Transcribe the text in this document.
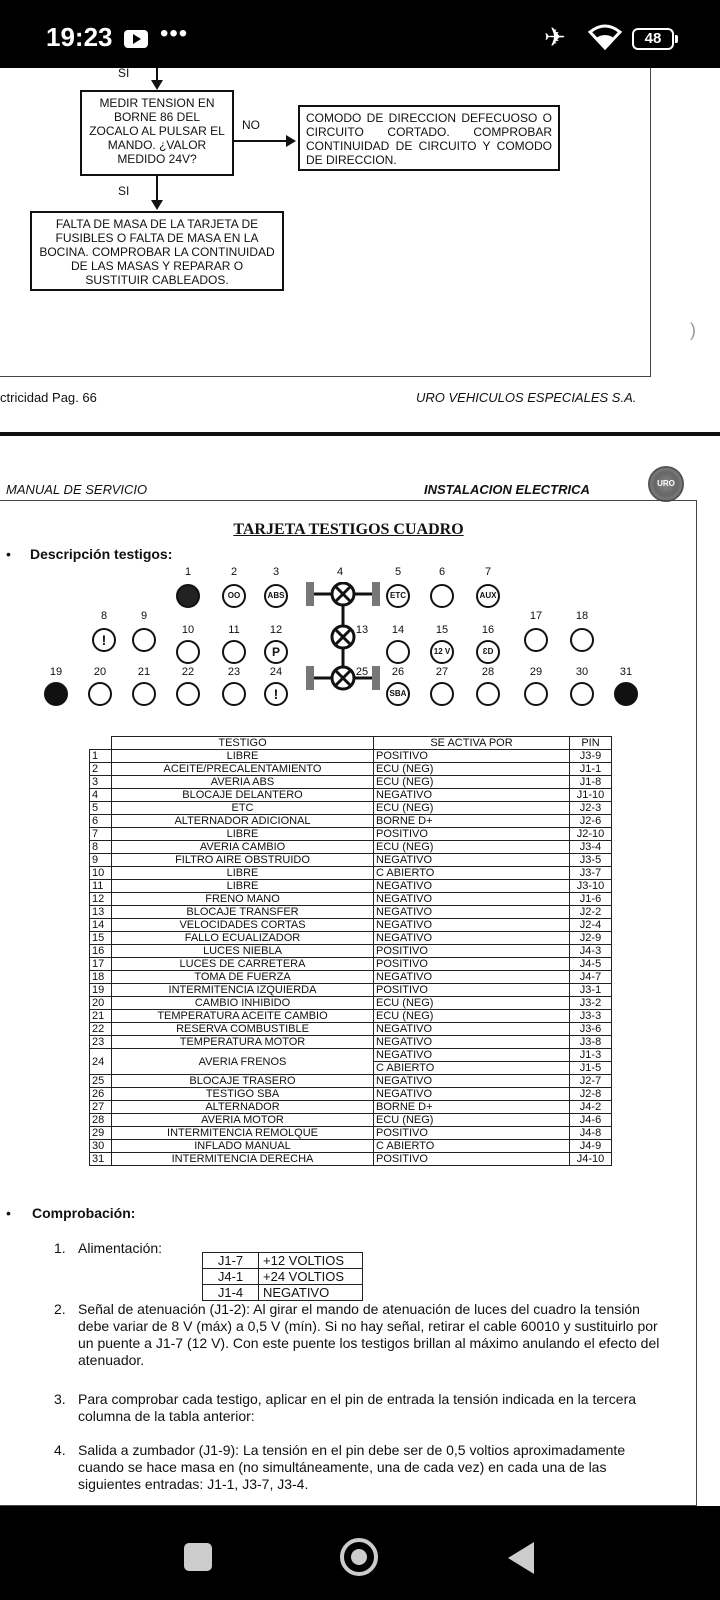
19:23 •••	✈	48
)
SI
MEDIR TENSION EN BORNE 86 DEL ZOCALO AL PULSAR EL MANDO. ¿VALOR MEDIDO 24V?
NO	COMODO DE DIRECCION DEFECUOSO O CIRCUITO CORTADO. COMPROBAR CONTINUIDAD DE CIRCUITO Y COMODO DE DIRECCION.
SI
FALTA DE MASA DE LA TARJETA DE FUSIBLES O FALTA DE MASA EN LA BOCINA. COMPROBAR LA CONTINUIDAD DE LAS MASAS Y REPARAR O SUSTITUIR CABLEADOS.
ctricidad Pag. 66	URO VEHICULOS ESPECIALES S.A.
MANUAL DE SERVICIO	INSTALACION ELECTRICA	URO
TARJETA TESTIGOS CUADRO
• Descripción testigos:
1	2	3	4	5	6	7
OO	ABS	ETC	AUX
8	9
10	11	12	13	14	15	16
17	18
!
P	12 V	ƐD
19	20	21	22	23	24	25	26	27	28	29	30	31
!	SBA
	TESTIGO	SE ACTIVA POR	PIN
1	LIBRE	POSITIVO	J3-9
2	ACEITE/PRECALENTAMIENTO	ECU (NEG)	J1-1
3	AVERIA ABS	ECU (NEG)	J1-8
4	BLOCAJE DELANTERO	NEGATIVO	J1-10
5	ETC	ECU (NEG)	J2-3
6	ALTERNADOR ADICIONAL	BORNE D+	J2-6
7	LIBRE	POSITIVO	J2-10
8	AVERIA CAMBIO	ECU (NEG)	J3-4
9	FILTRO AIRE OBSTRUIDO	NEGATIVO	J3-5
10	LIBRE	C ABIERTO	J3-7
11	LIBRE	NEGATIVO	J3-10
12	FRENO MANO	NEGATIVO	J1-6
13	BLOCAJE TRANSFER	NEGATIVO	J2-2
14	VELOCIDADES CORTAS	NEGATIVO	J2-4
15	FALLO ECUALIZADOR	NEGATIVO	J2-9
16	LUCES NIEBLA	POSITIVO	J4-3
17	LUCES DE CARRETERA	POSITIVO	J4-5
18	TOMA DE FUERZA	NEGATIVO	J4-7
19	INTERMITENCIA IZQUIERDA	POSITIVO	J3-1
20	CAMBIO INHIBIDO	ECU (NEG)	J3-2
21	TEMPERATURA ACEITE CAMBIO	ECU (NEG)	J3-3
22	RESERVA COMBUSTIBLE	NEGATIVO	J3-6
23	TEMPERATURA MOTOR	NEGATIVO	J3-8
24	AVERIA FRENOS	NEGATIVO	J1-3
		C ABIERTO	J1-5
25	BLOCAJE TRASERO	NEGATIVO	J2-7
26	TESTIGO SBA	NEGATIVO	J2-8
27	ALTERNADOR	BORNE D+	J4-2
28	AVERIA MOTOR	ECU (NEG)	J4-6
29	INTERMITENCIA REMOLQUE	POSITIVO	J4-8
30	INFLADO MANUAL	C ABIERTO	J4-9
31	INTERMITENCIA DERECHA	POSITIVO	J4-10
• Comprobación:
1. Alimentación:
J1-7	+12 VOLTIOS
J4-1	+24 VOLTIOS
J1-4	NEGATIVO
2. Señal de atenuación (J1-2): Al girar el mando de atenuación de luces del cuadro la tensión
debe variar de 8 V (máx) a 0,5 V (mín). Si no hay señal, retirar el cable 60010 y sustituirlo por
un puente a J1-7 (12 V). Con este puente los testigos brillan al máximo anulando el efecto del
atenuador.
3. Para comprobar cada testigo, aplicar en el pin de entrada la tensión indicada en la tercera
columna de la tabla anterior:
4. Salida a zumbador (J1-9): La tensión en el pin debe ser de 0,5 voltios aproximadamente
cuando se hace masa en (no simultáneamente, una de cada vez) en cada una de las
siguientes entradas: J1-1, J3-7, J3-4.
